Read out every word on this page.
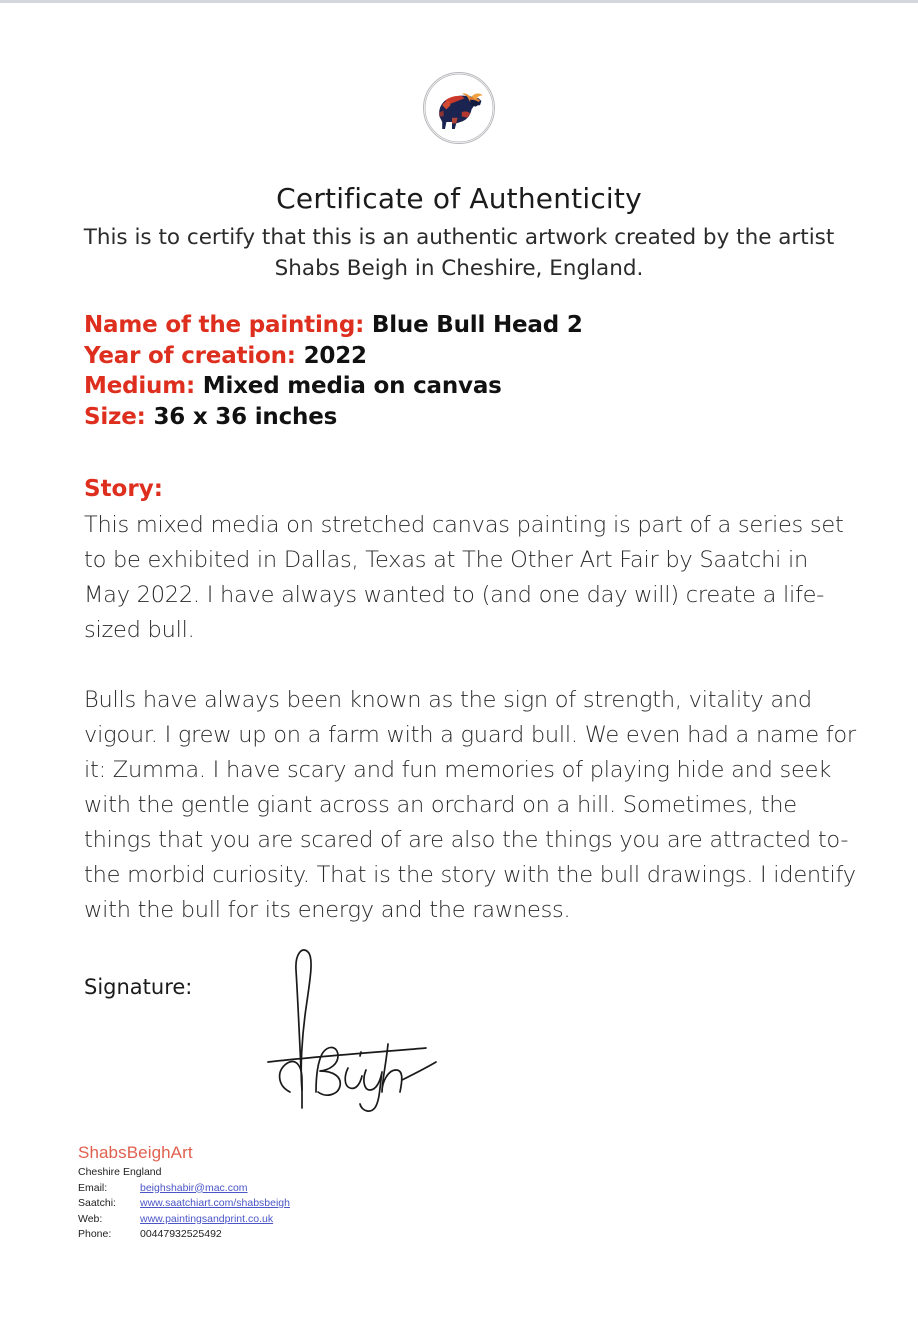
Certificate of Authenticity
This is to certify that this is an authentic artwork created by the artist Shabs Beigh in Cheshire, England.
Name of the painting: Blue Bull Head 2
Year of creation: 2022
Medium: Mixed media on canvas
Size: 36 x 36 inches
Story:

This mixed media on stretched canvas painting is part of a series set to be exhibited in Dallas, Texas at The Other Art Fair by Saatchi in May 2022. I have always wanted to (and one day will) create a life-sized bull.

Bulls have always been known as the sign of strength, vitality and vigour. I grew up on a farm with a guard bull. We even had a name for it: Zumma. I have scary and fun memories of playing hide and seek with the gentle giant across an orchard on a hill. Sometimes, the things that you are scared of are also the things you are attracted to- the morbid curiosity. That is the story with the bull drawings. I identify with the bull for its energy and the rawness.

Signature:
ShabsBeighArt
Cheshire England
Email:	beighshabir@mac.com
Saatchi:	www.saatchiart.com/shabsbeigh
Web:	www.paintingsandprint.co.uk
Phone:	00447932525492
